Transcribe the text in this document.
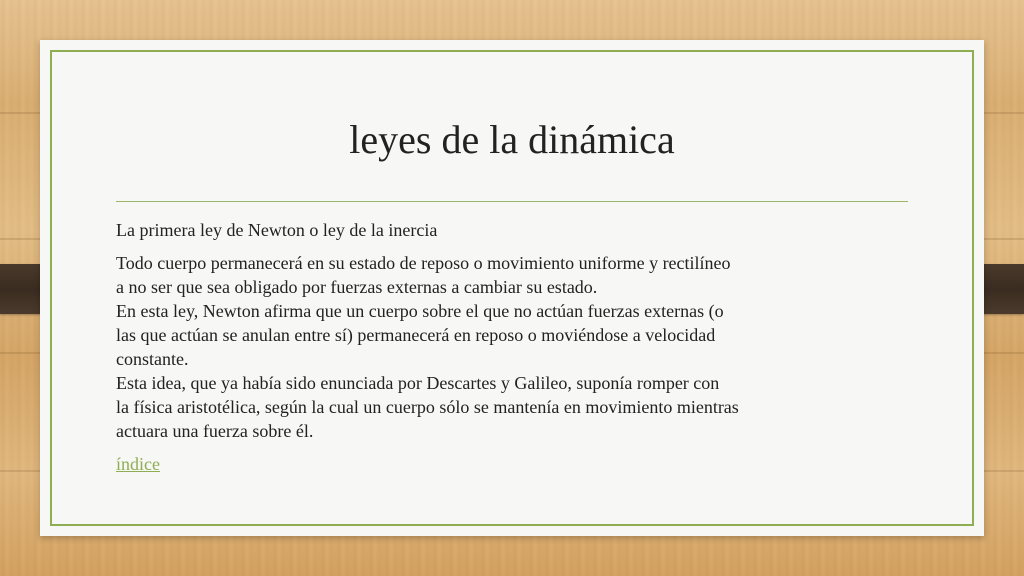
leyes de la dinámica

La primera ley de Newton o ley de la inercia

Todo cuerpo permanecerá en su estado de reposo o movimiento uniforme y rectilíneo

a no ser que sea obligado por fuerzas externas a cambiar su estado.

En esta ley, Newton afirma que un cuerpo sobre el que no actúan fuerzas externas (o

las que actúan se anulan entre sí) permanecerá en reposo o moviéndose a velocidad

constante.

Esta idea, que ya había sido enunciada por Descartes y Galileo, suponía romper con

la física aristotélica, según la cual un cuerpo sólo se mantenía en movimiento mientras

actuara una fuerza sobre él.

índice
